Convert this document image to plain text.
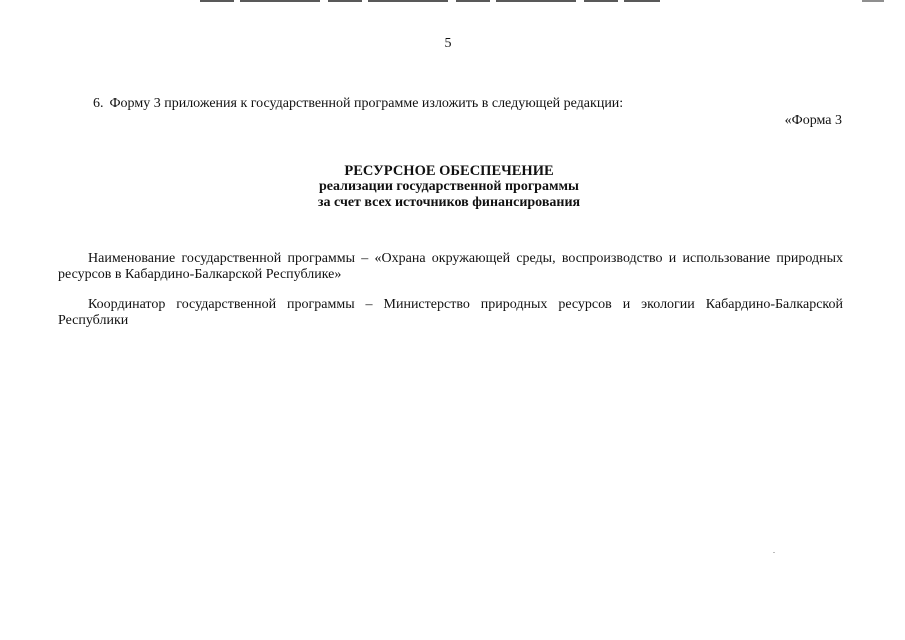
5
6. Форму 3 приложения к государственной программе изложить в следующей редакции:
«Форма 3
РЕСУРСНОЕ ОБЕСПЕЧЕНИЕ
реализации государственной программы
за счет всех источников финансирования
Наименование государственной программы – «Охрана окружающей среды, воспроизводство и использование природных ресурсов в Кабардино-Балкарской Республике»
Координатор государственной программы – Министерство природных ресурсов и экологии Кабардино-Балкарской Республики
